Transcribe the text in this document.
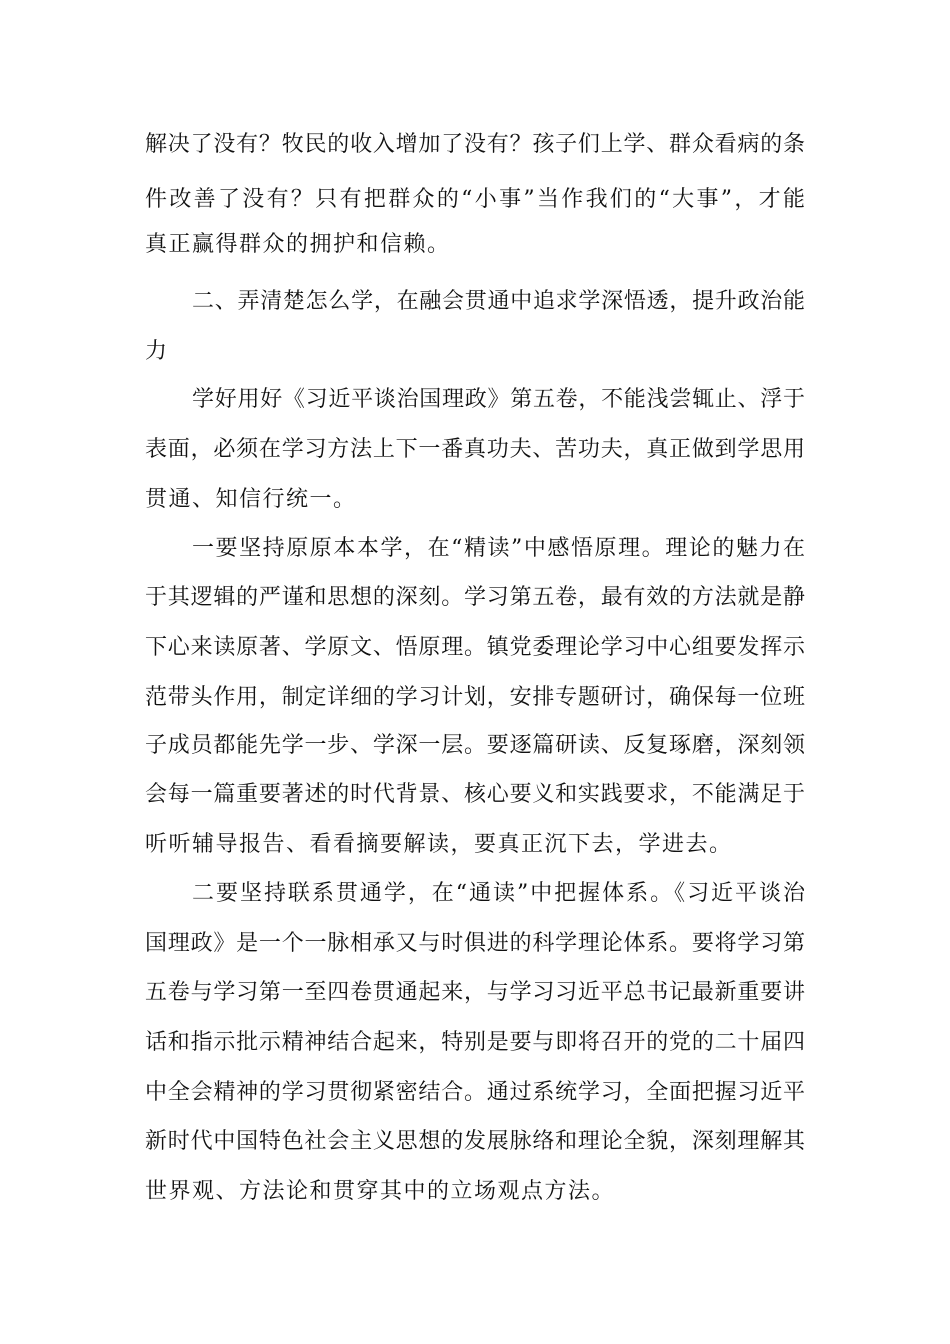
解决了没有？牧民的收入增加了没有？孩子们上学、群众看病的条
件改善了没有？只有把群众的“小事”当作我们的“大事”，才能
真正赢得群众的拥护和信赖。
二、弄清楚怎么学，在融会贯通中追求学深悟透，提升政治能
力
学好用好《习近平谈治国理政》第五卷，不能浅尝辄止、浮于
表面，必须在学习方法上下一番真功夫、苦功夫，真正做到学思用
贯通、知信行统一。
一要坚持原原本本学，在“精读”中感悟原理。理论的魅力在
于其逻辑的严谨和思想的深刻。学习第五卷，最有效的方法就是静
下心来读原著、学原文、悟原理。镇党委理论学习中心组要发挥示
范带头作用，制定详细的学习计划，安排专题研讨，确保每一位班
子成员都能先学一步、学深一层。要逐篇研读、反复琢磨，深刻领
会每一篇重要著述的时代背景、核心要义和实践要求，不能满足于
听听辅导报告、看看摘要解读，要真正沉下去，学进去。
二要坚持联系贯通学，在“通读”中把握体系。《习近平谈治
国理政》是一个一脉相承又与时俱进的科学理论体系。要将学习第
五卷与学习第一至四卷贯通起来，与学习习近平总书记最新重要讲
话和指示批示精神结合起来，特别是要与即将召开的党的二十届四
中全会精神的学习贯彻紧密结合。通过系统学习，全面把握习近平
新时代中国特色社会主义思想的发展脉络和理论全貌，深刻理解其
世界观、方法论和贯穿其中的立场观点方法。
